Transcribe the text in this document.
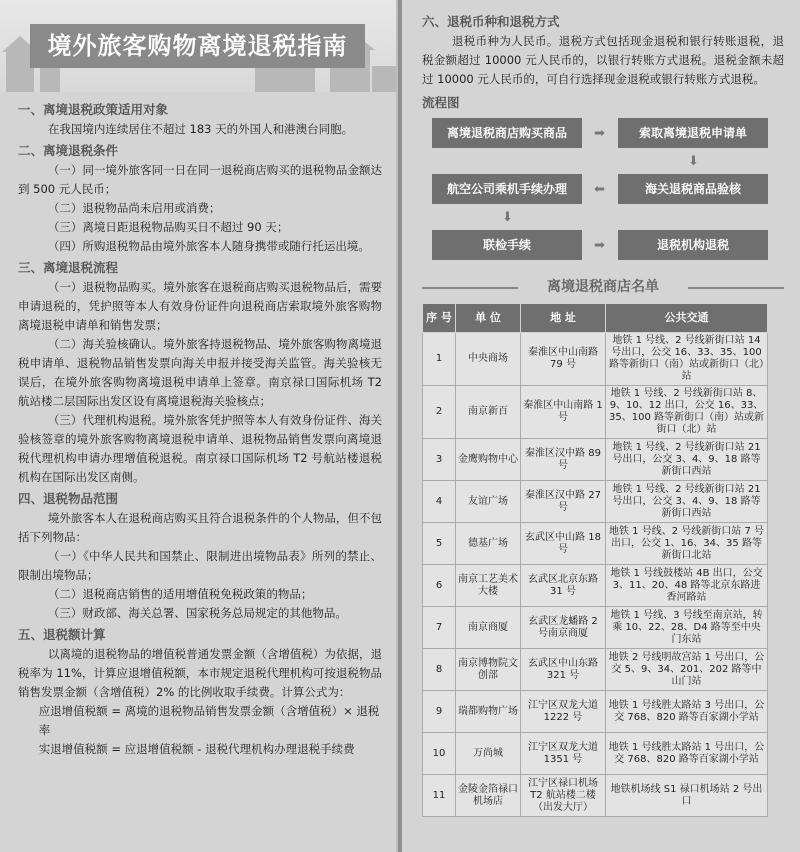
境外旅客购物离境退税指南
一、离境退税政策适用对象
在我国境内连续居住不超过 183 天的外国人和港澳台同胞。
二、离境退税条件
（一）同一境外旅客同一日在同一退税商店购买的退税物品金额达到 500 元人民币；
（二）退税物品尚未启用或消费；
（三）离境日距退税物品购买日不超过 90 天；
（四）所购退税物品由境外旅客本人随身携带或随行托运出境。
三、离境退税流程
（一）退税物品购买。境外旅客在退税商店购买退税物品后，需要申请退税的，凭护照等本人有效身份证件向退税商店索取境外旅客购物离境退税申请单和销售发票；
（二）海关验核确认。境外旅客持退税物品、境外旅客购物离境退税申请单、退税物品销售发票向海关申报并接受海关监管。海关验核无误后，在境外旅客购物离境退税申请单上签章。南京禄口国际机场 T2 航站楼二层国际出发区设有离境退税海关验核点；
（三）代理机构退税。境外旅客凭护照等本人有效身份证件、海关验核签章的境外旅客购物离境退税申请单、退税物品销售发票向离境退税代理机构申请办理增值税退税。南京禄口国际机场 T2 号航站楼退税机构在国际出发区南侧。
四、退税物品范围
境外旅客本人在退税商店购买且符合退税条件的个人物品，但不包括下列物品：
（一）《中华人民共和国禁止、限制进出境物品表》所列的禁止、限制出境物品；
（二）退税商店销售的适用增值税免税政策的物品；
（三）财政部、海关总署、国家税务总局规定的其他物品。
五、退税额计算
以离境的退税物品的增值税普通发票金额（含增值税）为依据，退税率为 11%，计算应退增值税额，本市规定退税代理机构可按退税物品销售发票金额（含增值税）2% 的比例收取手续费。计算公式为：
应退增值税额 = 离境的退税物品销售发票金额（含增值税）× 退税率
实退增值税额 = 应退增值税额 - 退税代理机构办理退税手续费
六、退税币种和退税方式
退税币种为人民币。退税方式包括现金退税和银行转账退税，退税金额超过 10000 元人民币的，以银行转账方式退税。退税金额未超过 10000 元人民币的，可自行选择现金退税或银行转账方式退税。
流程图
离境退税商店购买商品	➡	索取离境退税申请单
⬇
海关退税商品验核
⬅
航空公司乘机手续办理
⬇
联检手续	➡	退税机构退税
离境退税商店名单
序 号	单 位	地 址	公共交通
1	中央商场	秦淮区中山南路 79 号	地铁 1 号线、2 号线新街口站 14 号出口，公交 16、33、35、100 路等新街口（南）站或新街口（北）站
2	南京新百	秦淮区中山南路 1 号	地铁 1 号线、2 号线新街口站 8、9、10、12 出口，公交 16、33、35、100 路等新街口（南）站或新街口（北）站
3	金鹰购物中心	秦淮区汉中路 89 号	地铁 1 号线、2 号线新街口站 21 号出口，公交 3、4、9、18 路等新街口西站
4	友谊广场	秦淮区汉中路 27 号	地铁 1 号线、2 号线新街口站 21 号出口，公交 3、4、9、18 路等新街口西站
5	德基广场	玄武区中山路 18 号	地铁 1 号线、2 号线新街口站 7 号出口，公交 1、16、34、35 路等新街口北站
6	南京工艺美术大楼	玄武区北京东路 31 号	地铁 1 号线鼓楼站 4B 出口，公交 3、11、20、48 路等北京东路进香河路站
7	南京商厦	玄武区龙蟠路 2 号南京商厦	地铁 1 号线、3 号线至南京站，转乘 10、22、28、D4 路等至中央门东站
8	南京博物院文创部	玄武区中山东路 321 号	地铁 2 号线明故宫站 1 号出口，公交 5、9、34、201、202 路等中山门站
9	瑞都购物广场	江宁区双龙大道 1222 号	地铁 1 号线胜太路站 3 号出口，公交 768、820 路等百家湖小学站
10	万尚城	江宁区双龙大道 1351 号	地铁 1 号线胜太路站 1 号出口，公交 768、820 路等百家湖小学站
11	金陵金箔禄口机场店	江宁区禄口机场 T2 航站楼二楼（出发大厅）	地铁机场线 S1 禄口机场站 2 号出口
